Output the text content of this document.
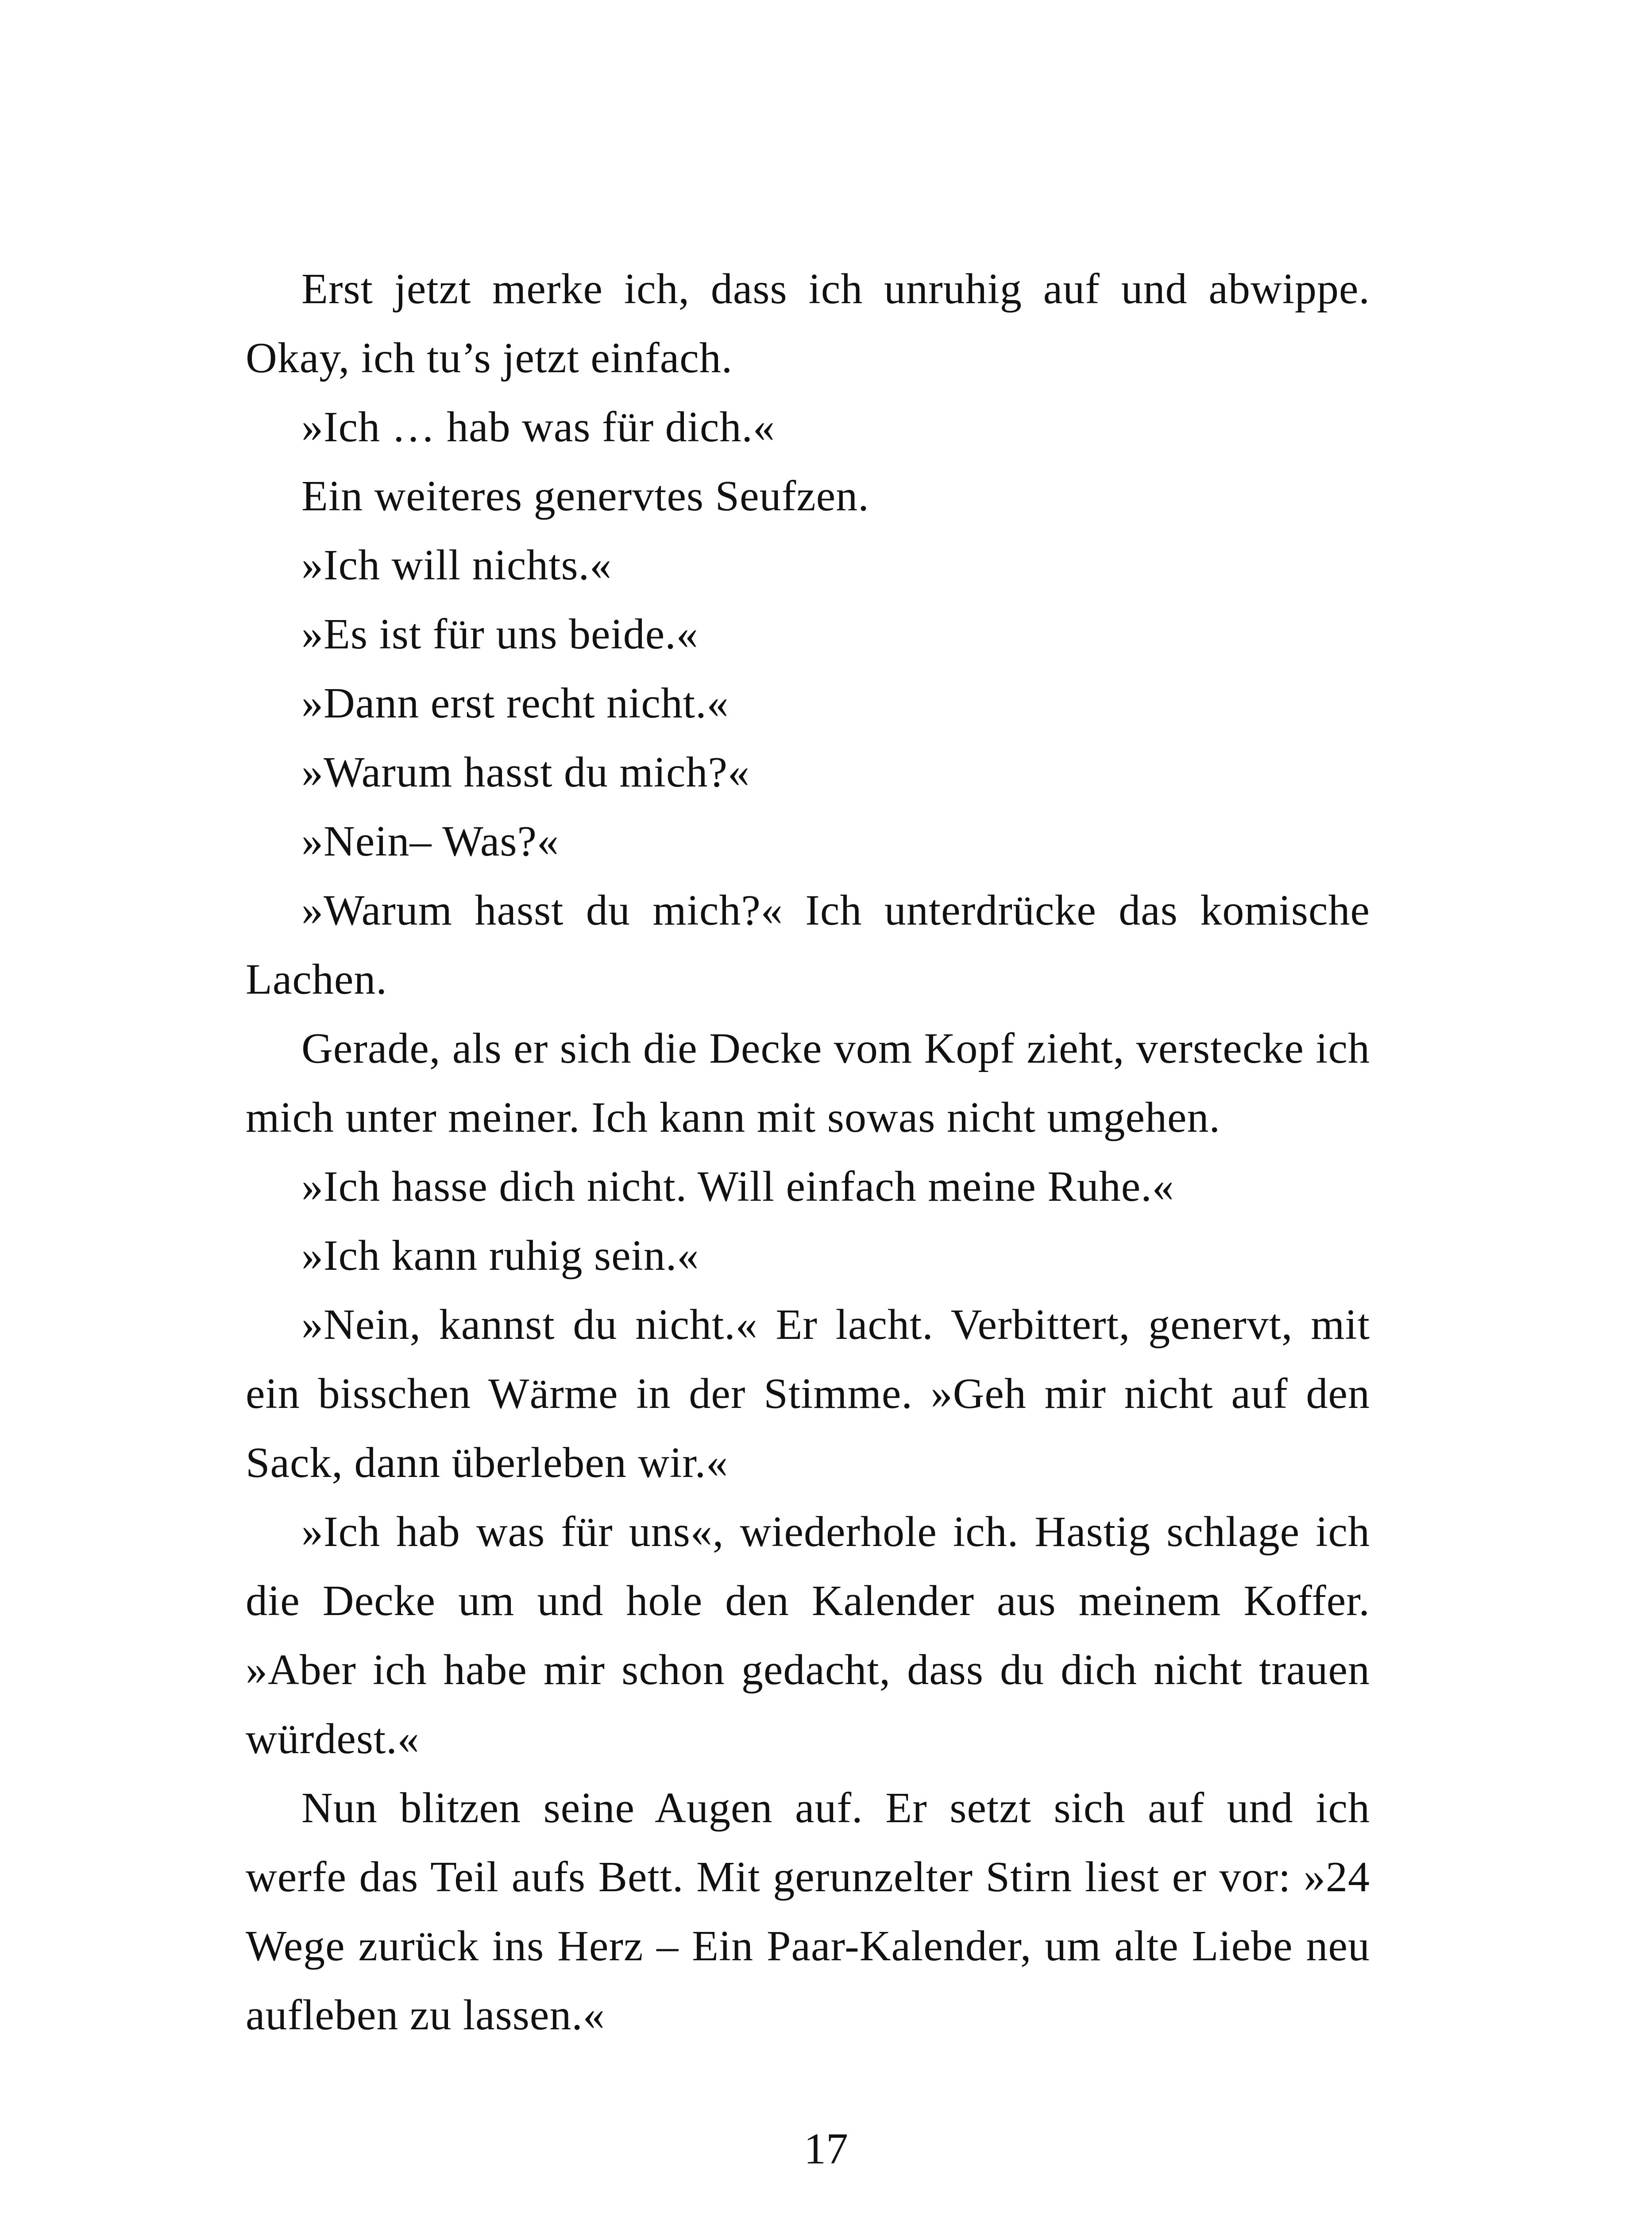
Erst jetzt merke ich, dass ich unruhig auf und abwippe. Okay, ich tu’s jetzt einfach.

»Ich … hab was für dich.«

Ein weiteres genervtes Seufzen.

»Ich will nichts.«

»Es ist für uns beide.«

»Dann erst recht nicht.«

»Warum hasst du mich?«

»Nein– Was?«

»Warum hasst du mich?« Ich unterdrücke das komische Lachen.

Gerade, als er sich die Decke vom Kopf zieht, verstecke ich mich unter meiner. Ich kann mit sowas nicht umgehen.

»Ich hasse dich nicht. Will einfach meine Ruhe.«

»Ich kann ruhig sein.«

»Nein, kannst du nicht.« Er lacht. Verbittert, genervt, mit ein bisschen Wärme in der Stimme. »Geh mir nicht auf den Sack, dann überleben wir.«

»Ich hab was für uns«, wiederhole ich. Hastig schlage ich die Decke um und hole den Kalender aus meinem Koffer. »Aber ich habe mir schon gedacht, dass du dich nicht trauen würdest.«

Nun blitzen seine Augen auf. Er setzt sich auf und ich werfe das Teil aufs Bett. Mit gerunzelter Stirn liest er vor: »24 Wege zurück ins Herz – Ein Paar-Kalender, um alte Liebe neu aufleben zu lassen.«

17
